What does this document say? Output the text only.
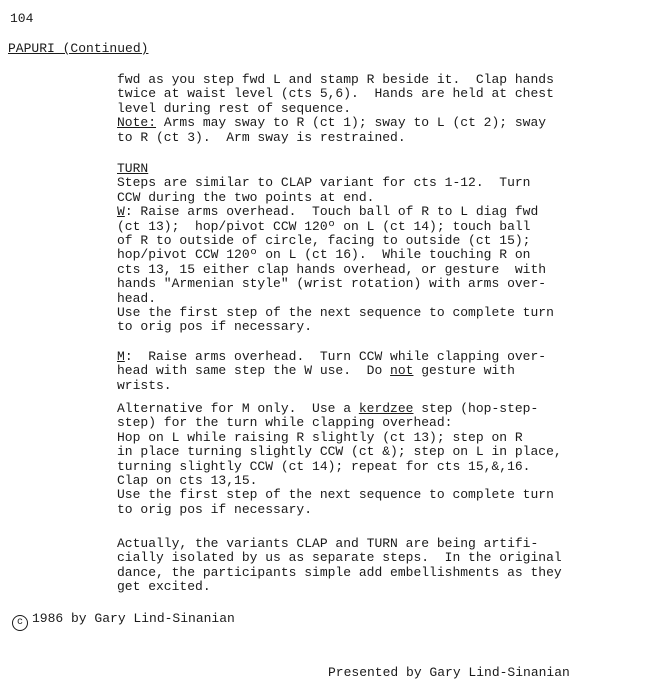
104
PAPURI (Continued)
fwd as you step fwd L and stamp R beside it.  Clap hands
twice at waist level (cts 5,6).  Hands are held at chest
level during rest of sequence.
Note: Arms may sway to R (ct 1); sway to L (ct 2); sway
to R (ct 3).  Arm sway is restrained.
TURN
Steps are similar to CLAP variant for cts 1-12.  Turn
CCW during the two points at end.
W: Raise arms overhead.  Touch ball of R to L diag fwd
(ct 13);  hop/pivot CCW 120º on L (ct 14); touch ball
of R to outside of circle, facing to outside (ct 15);
hop/pivot CCW 120º on L (ct 16).  While touching R on
cts 13, 15 either clap hands overhead, or gesture  with
hands "Armenian style" (wrist rotation) with arms over-
head.
Use the first step of the next sequence to complete turn
to orig pos if necessary.
M:  Raise arms overhead.  Turn CCW while clapping over-
head with same step the W use.  Do not gesture with
wrists.
Alternative for M only.  Use a kerdzee step (hop-step-
step) for the turn while clapping overhead:
Hop on L while raising R slightly (ct 13); step on R
in place turning slightly CCW (ct &); step on L in place,
turning slightly CCW (ct 14); repeat for cts 15,&,16.
Clap on cts 13,15.
Use the first step of the next sequence to complete turn
to orig pos if necessary.
Actually, the variants CLAP and TURN are being artifi-
cially isolated by us as separate steps.  In the original
dance, the participants simple add embellishments as they
get excited.
c 1986 by Gary Lind-Sinanian
Presented by Gary Lind-Sinanian
